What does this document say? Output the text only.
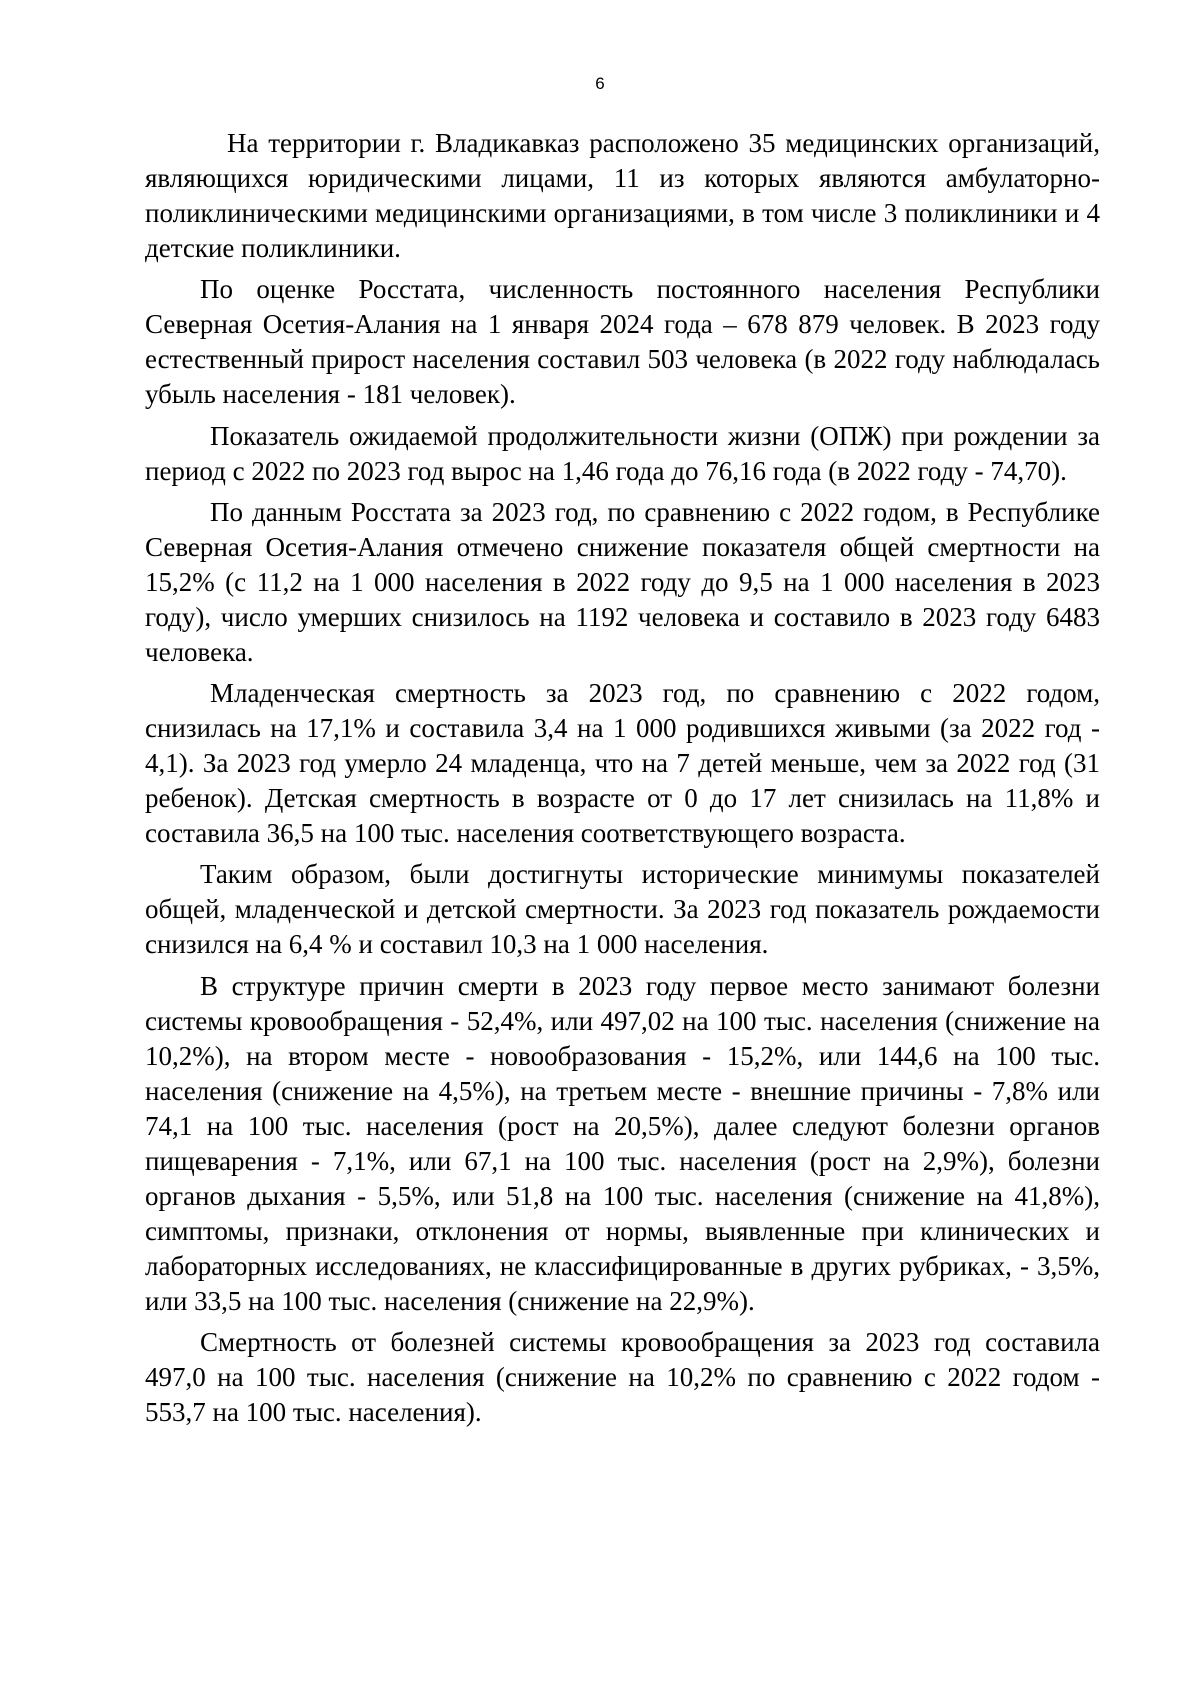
6

На территории г. Владикавказ расположено 35 медицинских организаций, являющихся юридическими лицами, 11 из которых являются амбулаторно-поликлиническими медицинскими организациями, в том числе 3 поликлиники и 4 детские поликлиники.

По оценке Росстата, численность постоянного населения Республики Северная Осетия-Алания на 1 января 2024 года – 678 879 человек. В 2023 году естественный прирост населения составил 503 человека (в 2022 году наблюдалась убыль населения - 181 человек).

Показатель ожидаемой продолжительности жизни (ОПЖ) при рождении за период с 2022 по 2023 год вырос на 1,46 года до 76,16 года (в 2022 году - 74,70).

По данным Росстата за 2023 год, по сравнению с 2022 годом, в Республике Северная Осетия-Алания отмечено снижение показателя общей смертности на 15,2% (с 11,2 на 1 000 населения в 2022 году до 9,5 на 1 000 населения в 2023 году), число умерших снизилось на 1192 человека и составило в 2023 году 6483 человека.

Младенческая смертность за 2023 год, по сравнению с 2022 годом, снизилась на 17,1% и составила 3,4 на 1 000 родившихся живыми (за 2022 год - 4,1). За 2023 год умерло 24 младенца, что на 7 детей меньше, чем за 2022 год (31 ребенок). Детская смертность в возрасте от 0 до 17 лет снизилась на 11,8% и составила 36,5 на 100 тыс. населения соответствующего возраста.

Таким образом, были достигнуты исторические минимумы показателей общей, младенческой и детской смертности. За 2023 год показатель рождаемости снизился на 6,4 % и составил 10,3 на 1 000 населения.

В структуре причин смерти в 2023 году первое место занимают болезни системы кровообращения - 52,4%, или 497,02 на 100 тыс. населения (снижение на 10,2%), на втором месте - новообразования - 15,2%, или 144,6 на 100 тыс. населения (снижение на 4,5%), на третьем месте - внешние причины - 7,8% или 74,1 на 100 тыс. населения (рост на 20,5%), далее следуют болезни органов пищеварения - 7,1%, или 67,1 на 100 тыс. населения (рост на 2,9%), болезни органов дыхания - 5,5%, или 51,8 на 100 тыс. населения (снижение на 41,8%), симптомы, признаки, отклонения от нормы, выявленные при клинических и лабораторных исследованиях, не классифицированные в других рубриках, - 3,5%, или 33,5 на 100 тыс. населения (снижение на 22,9%).

Смертность от болезней системы кровообращения за 2023 год составила 497,0 на 100 тыс. населения (снижение на 10,2% по сравнению с 2022 годом - 553,7 на 100 тыс. населения).
